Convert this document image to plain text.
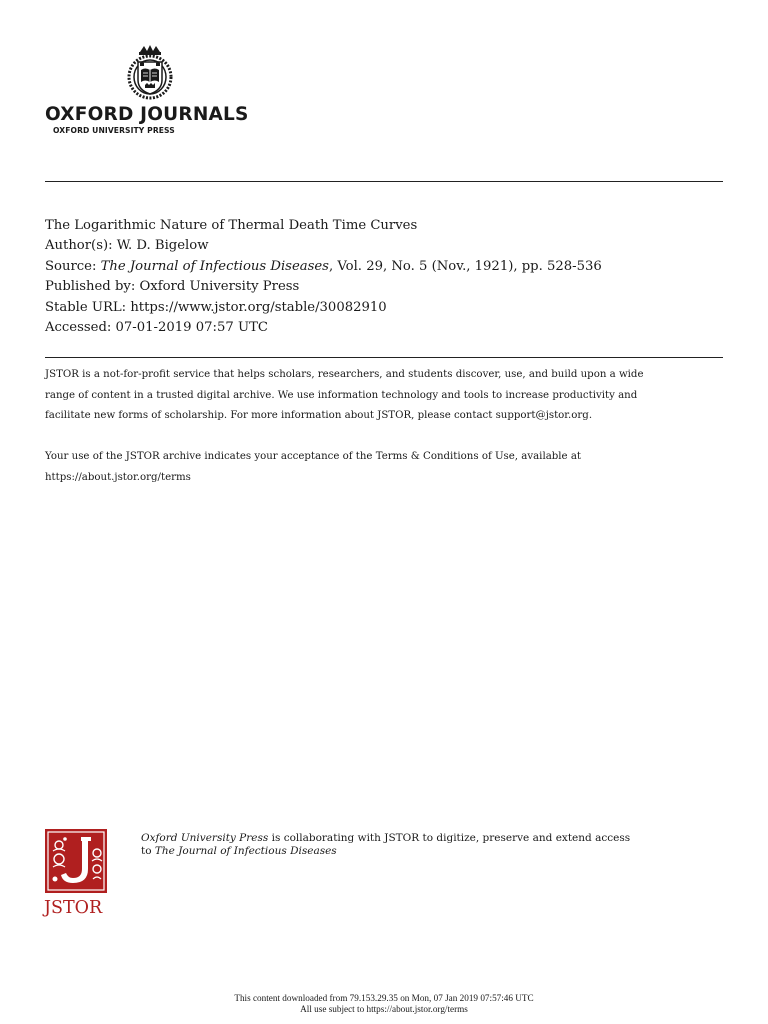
OXFORD JOURNALS
OXFORD UNIVERSITY PRESS
The Logarithmic Nature of Thermal Death Time Curves
Author(s): W. D. Bigelow
Source: The Journal of Infectious Diseases, Vol. 29, No. 5 (Nov., 1921), pp. 528-536
Published by: Oxford University Press
Stable URL: https://www.jstor.org/stable/30082910
Accessed: 07-01-2019 07:57 UTC
JSTOR is a not-for-profit service that helps scholars, researchers, and students discover, use, and build upon a wide
range of content in a trusted digital archive. We use information technology and tools to increase productivity and
facilitate new forms of scholarship. For more information about JSTOR, please contact support@jstor.org.
Your use of the JSTOR archive indicates your acceptance of the Terms & Conditions of Use, available at
https://about.jstor.org/terms
JSTOR
Oxford University Press is collaborating with JSTOR to digitize, preserve and extend access
to The Journal of Infectious Diseases
This content downloaded from 79.153.29.35 on Mon, 07 Jan 2019 07:57:46 UTC
All use subject to https://about.jstor.org/terms
